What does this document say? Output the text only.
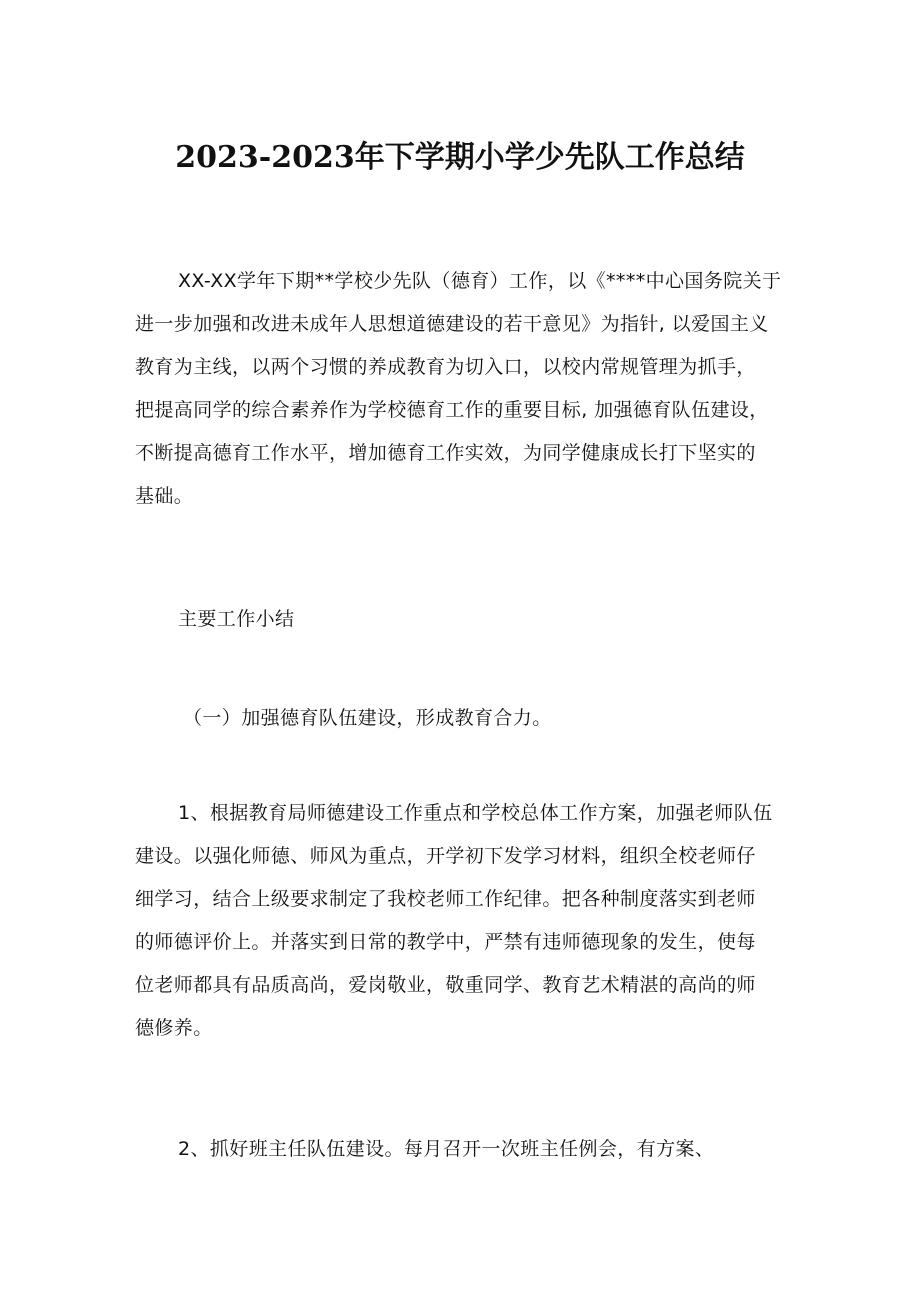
2023-2023年下学期小学少先队工作总结
XX-XX学年下期**学校少先队（德育）工作，以《****中心国务院关于
进一步加强和改进未成年人思想道德建设的若干意见》为指针, 以爱国主义
教育为主线，以两个习惯的养成教育为切入口，以校内常规管理为抓手，
把提高同学的综合素养作为学校德育工作的重要目标, 加强德育队伍建设，
不断提高德育工作水平，增加德育工作实效，为同学健康成长打下坚实的
基础。
主要工作小结
（一）加强德育队伍建设，形成教育合力。
1、根据教育局师德建设工作重点和学校总体工作方案，加强老师队伍
建设。以强化师德、师风为重点，开学初下发学习材料，组织全校老师仔
细学习，结合上级要求制定了我校老师工作纪律。把各种制度落实到老师
的师德评价上。并落实到日常的教学中，严禁有违师德现象的发生，使每
位老师都具有品质高尚，爱岗敬业，敬重同学、教育艺术精湛的高尚的师
德修养。
2、抓好班主任队伍建设。每月召开一次班主任例会，有方案、
